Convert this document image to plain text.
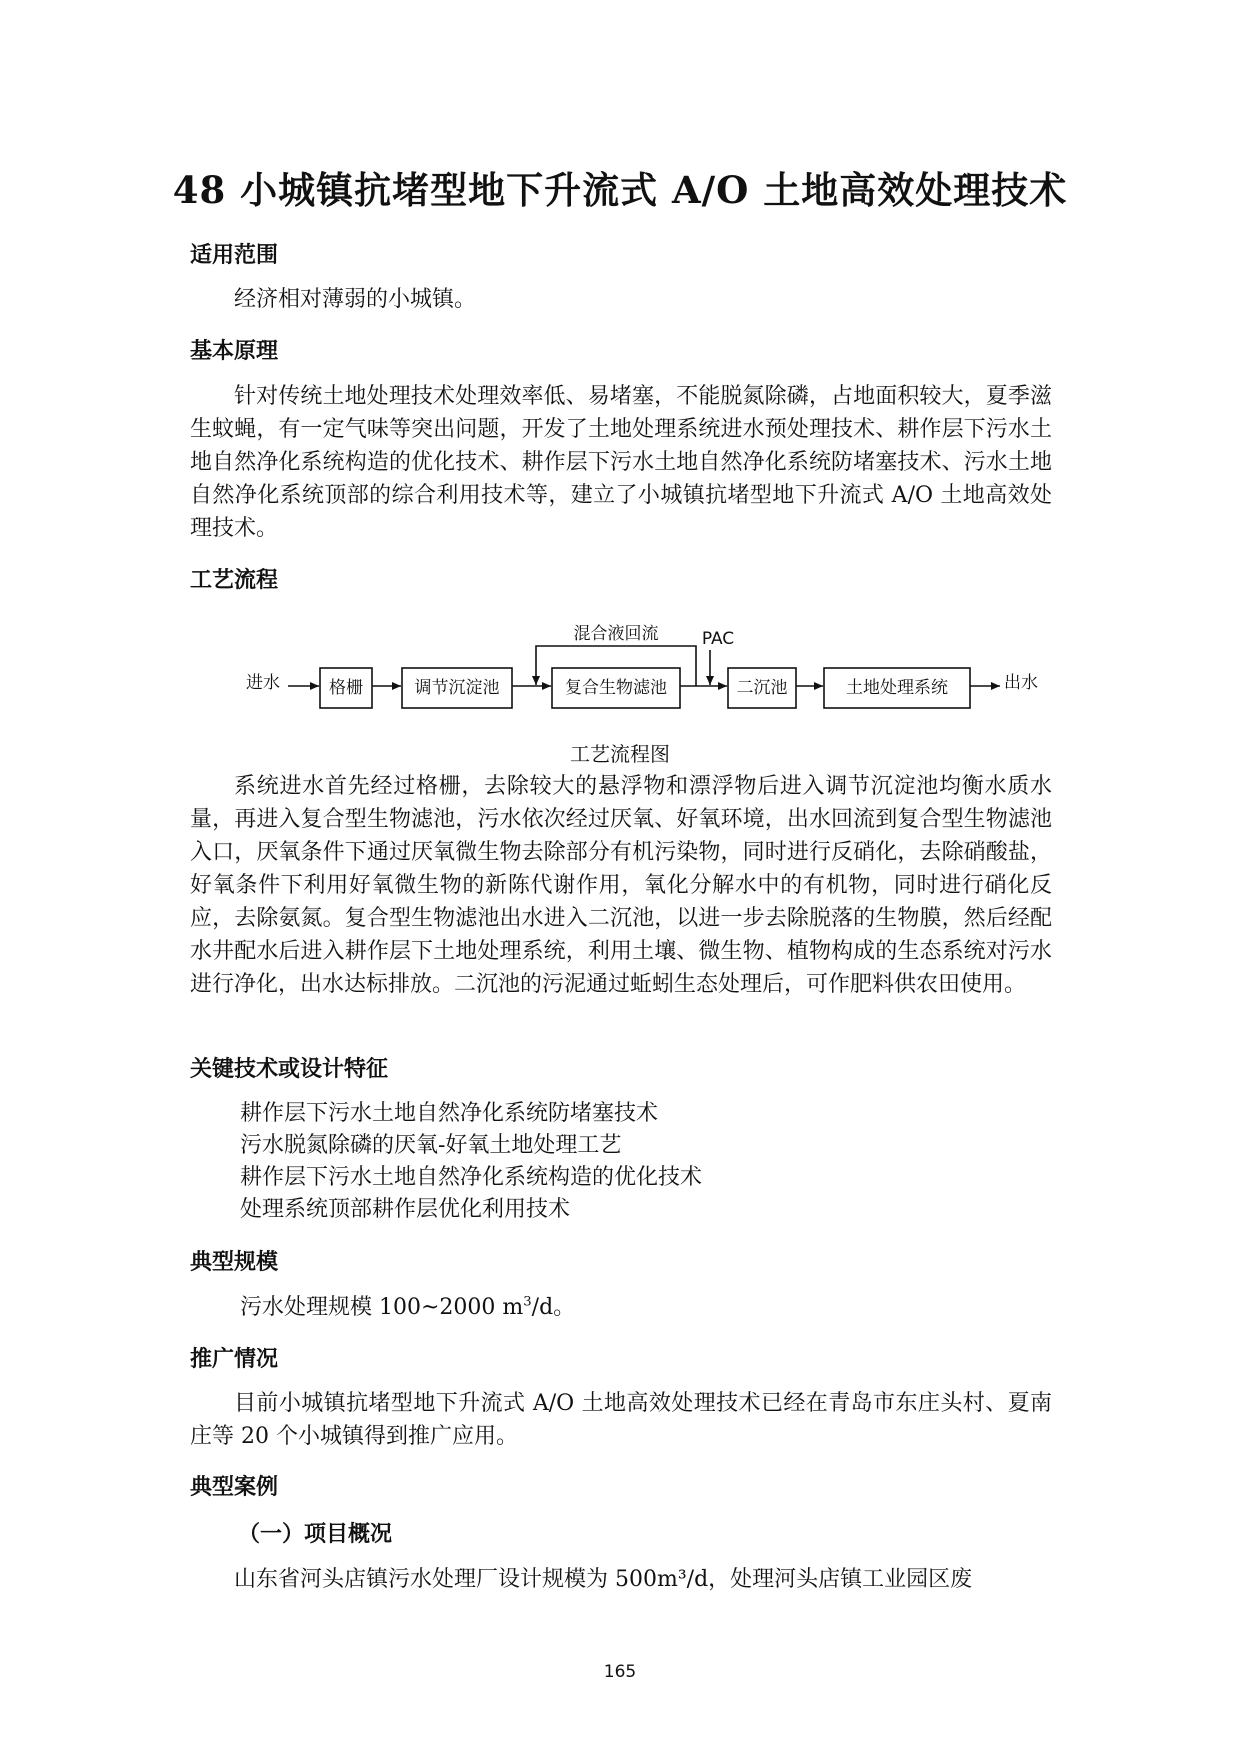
48 小城镇抗堵型地下升流式 A/O 土地高效处理技术
适用范围

经济相对薄弱的小城镇。

基本原理

针对传统土地处理技术处理效率低、易堵塞，不能脱氮除磷，占地面积较大，夏季滋生蚊蝇，有一定气味等突出问题，开发了土地处理系统进水预处理技术、耕作层下污水土地自然净化系统构造的优化技术、耕作层下污水土地自然净化系统防堵塞技术、污水土地自然净化系统顶部的综合利用技术等，建立了小城镇抗堵型地下升流式 A/O 土地高效处理技术。

工艺流程
进水	格栅	调节沉淀池	复合生物滤池	二沉池	土地处理系统	出水
混合液回流	PAC
工艺流程图

系统进水首先经过格栅，去除较大的悬浮物和漂浮物后进入调节沉淀池均衡水质水量，再进入复合型生物滤池，污水依次经过厌氧、好氧环境，出水回流到复合型生物滤池入口，厌氧条件下通过厌氧微生物去除部分有机污染物，同时进行反硝化，去除硝酸盐，好氧条件下利用好氧微生物的新陈代谢作用，氧化分解水中的有机物，同时进行硝化反应，去除氨氮。复合型生物滤池出水进入二沉池，以进一步去除脱落的生物膜，然后经配水井配水后进入耕作层下土地处理系统，利用土壤、微生物、植物构成的生态系统对污水进行净化，出水达标排放。二沉池的污泥通过蚯蚓生态处理后，可作肥料供农田使用。

关键技术或设计特征
耕作层下污水土地自然净化系统防堵塞技术
污水脱氮除磷的厌氧-好氧土地处理工艺
耕作层下污水土地自然净化系统构造的优化技术
处理系统顶部耕作层优化利用技术
典型规模
污水处理规模 100~2000 $m^3/d$。
推广情况

目前小城镇抗堵型地下升流式 A/O 土地高效处理技术已经在青岛市东庄头村、夏南庄等 20 个小城镇得到推广应用。

典型案例
（一）项目概况

山东省河头店镇污水处理厂设计规模为 500m³/d，处理河头店镇工业园区废

165
